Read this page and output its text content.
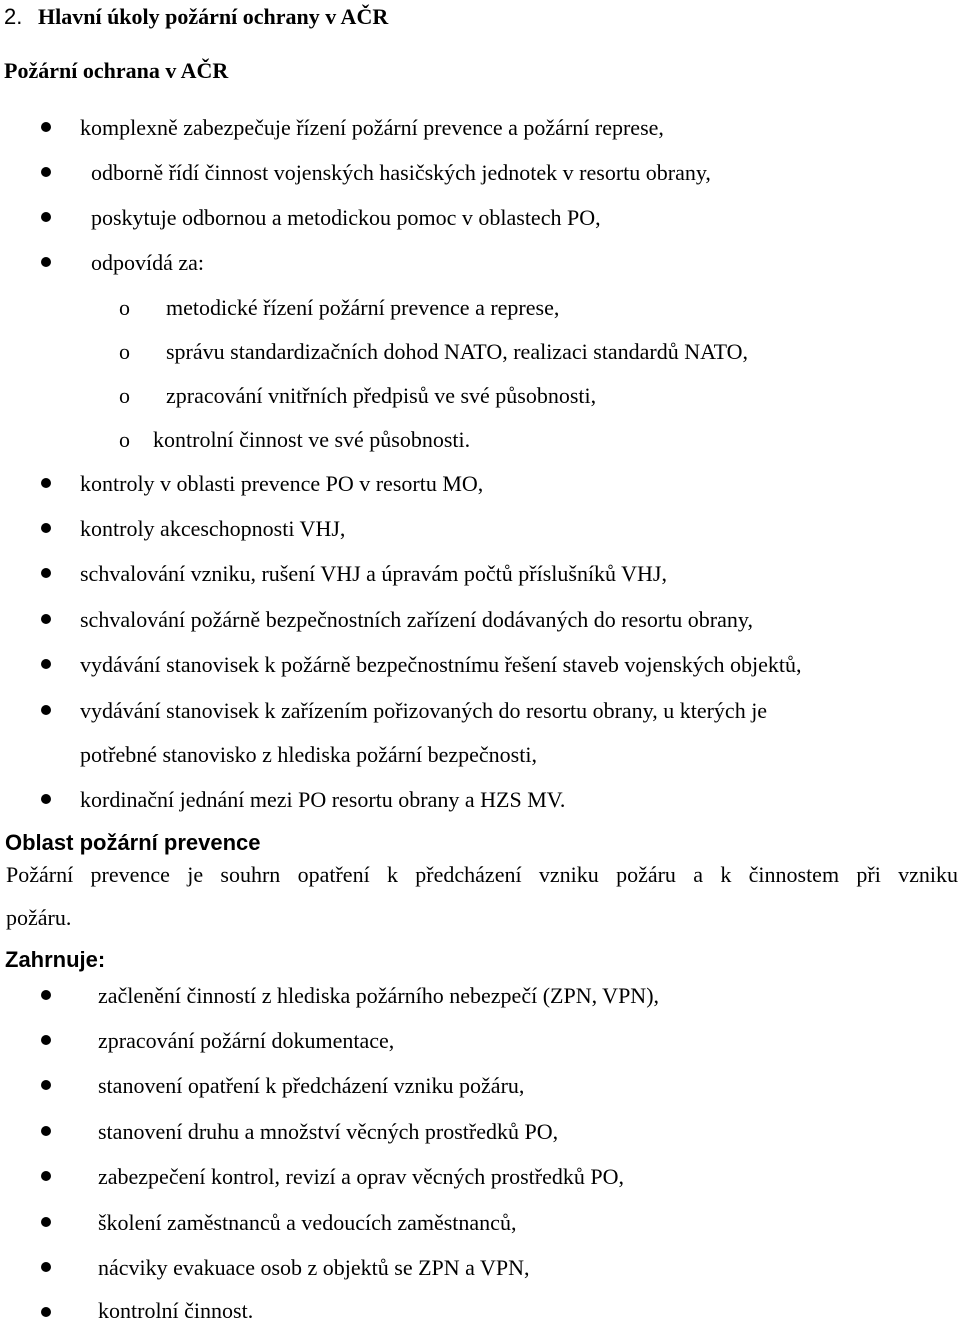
2. Hlavní úkoly požární ochrany v AČR
Požární ochrana v AČR
komplexně zabezpečuje řízení požární prevence a požární represe,
odborně řídí činnost vojenských hasičských jednotek v resortu obrany,
poskytuje odbornou a metodickou pomoc v oblastech PO,
odpovídá za:
o metodické řízení požární prevence a represe,
o správu standardizačních dohod NATO, realizaci standardů NATO,
o zpracování vnitřních předpisů ve své působnosti,
o kontrolní činnost ve své působnosti.
kontroly v oblasti prevence PO v resortu MO,
kontroly akceschopnosti VHJ,
schvalování vzniku, rušení VHJ a úpravám počtů příslušníků VHJ,
schvalování požárně bezpečnostních zařízení dodávaných do resortu obrany,
vydávání stanovisek k požárně bezpečnostnímu řešení staveb vojenských objektů,
vydávání stanovisek k zařízením pořizovaných do resortu obrany, u kterých je
potřebné stanovisko z hlediska požární bezpečnosti,
kordinační jednání mezi PO resortu obrany a HZS MV.
Oblast požární prevence
Požární prevence je souhrn opatření k předcházení vzniku požáru a k činnostem při vzniku
požáru.
Zahrnuje:
začlenění činností z hlediska požárního nebezpečí (ZPN, VPN),
zpracování požární dokumentace,
stanovení opatření k předcházení vzniku požáru,
stanovení druhu a množství věcných prostředků PO,
zabezpečení kontrol, revizí a oprav věcných prostředků PO,
školení zaměstnanců a vedoucích zaměstnanců,
nácviky evakuace osob z objektů se ZPN a VPN,
kontrolní činnost.
